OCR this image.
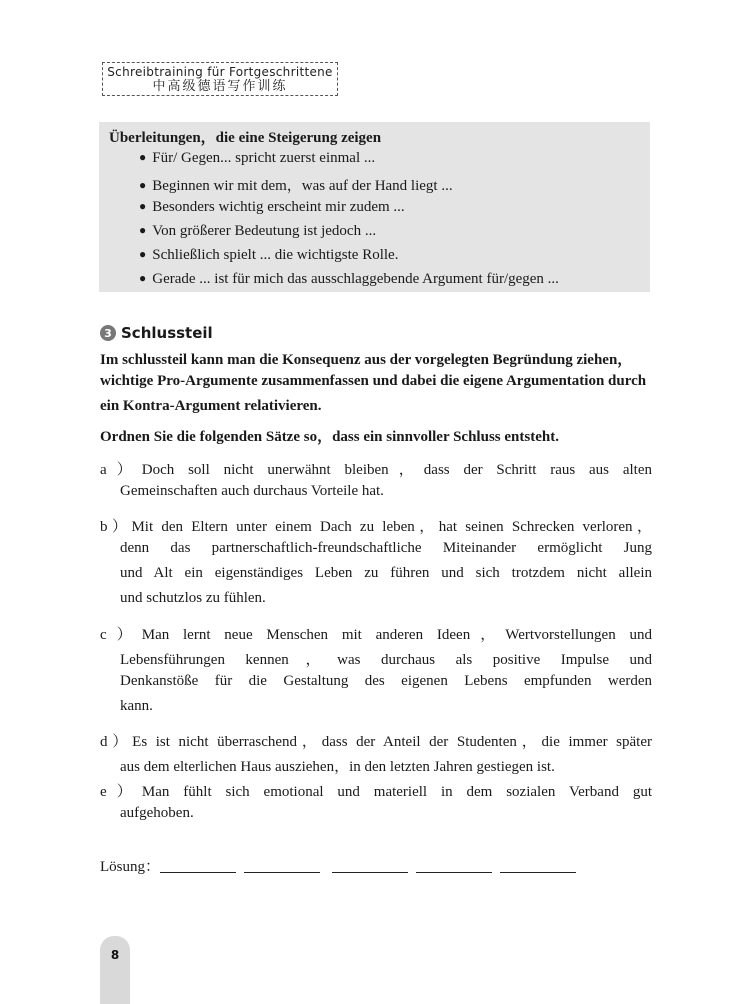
Schreibtraining für Fortgeschrittene
中高级德语写作训练
Überleitungen，die eine Steigerung zeigen
● Für/ Gegen... spricht zuerst einmal ...
● Beginnen wir mit dem，was auf der Hand liegt ...
● Besonders wichtig erscheint mir zudem ...
● Von größerer Bedeutung ist jedoch ...
● Schließlich spielt ... die wichtigste Rolle.
● Gerade ... ist für mich das ausschlaggebende Argument für/gegen ...
3 Schlussteil
Im schlussteil kann man die Konsequenz aus der vorgelegten Begründung ziehen，
wichtige Pro-Argumente zusammenfassen und dabei die eigene Argumentation durch
ein Kontra-Argument relativieren.
Ordnen Sie die folgenden Sätze so，dass ein sinnvoller Schluss entsteht.
a）Doch soll nicht unerwähnt bleiben，dass der Schritt raus aus alten
Gemeinschaften auch durchaus Vorteile hat.
b）Mit den Eltern unter einem Dach zu leben，hat seinen Schrecken verloren，
denn das partnerschaftlich-freundschaftliche Miteinander ermöglicht Jung
und Alt ein eigenständiges Leben zu führen und sich trotzdem nicht allein
und schutzlos zu fühlen.
c）Man lernt neue Menschen mit anderen Ideen，Wertvorstellungen und
Lebensführungen kennen，was durchaus als positive Impulse und
Denkanstöße für die Gestaltung des eigenen Lebens empfunden werden
kann.
d）Es ist nicht überraschend，dass der Anteil der Studenten，die immer später
aus dem elterlichen Haus ausziehen，in den letzten Jahren gestiegen ist.
e）Man fühlt sich emotional und materiell in dem sozialen Verband gut
aufgehoben.
Lösung：
8
